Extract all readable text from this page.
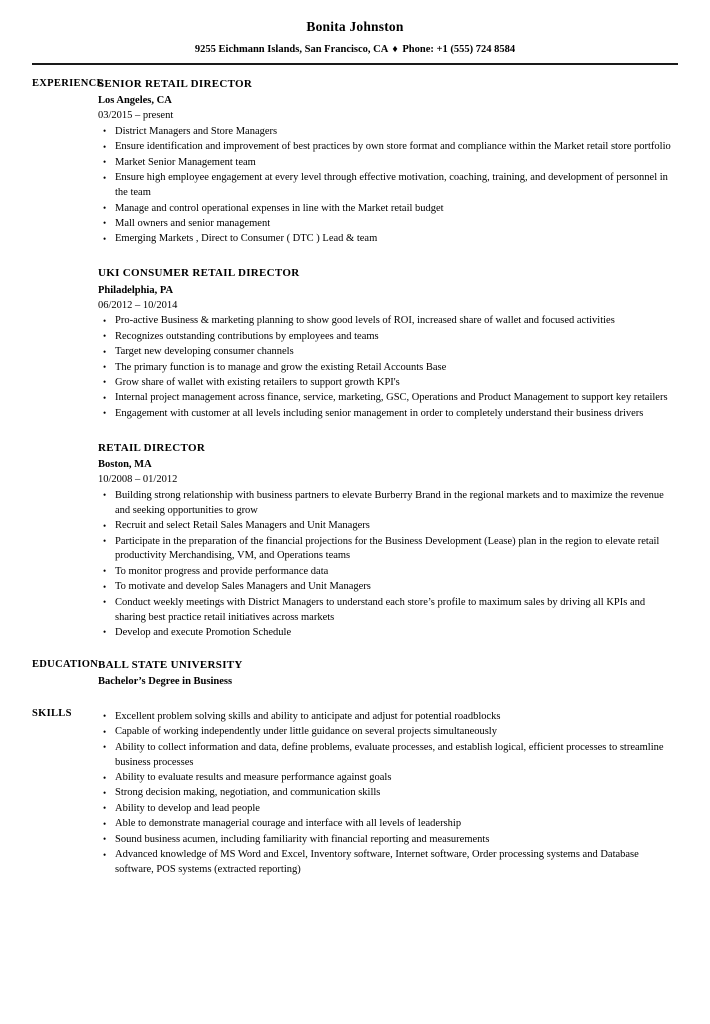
Bonita Johnston
9255 Eichmann Islands, San Francisco, CA ♦ Phone: +1 (555) 724 8584
EXPERIENCE
SENIOR RETAIL DIRECTOR
Los Angeles, CA
03/2015 – present
• District Managers and Store Managers
• Ensure identification and improvement of best practices by own store format and compliance within the Market retail store portfolio
• Market Senior Management team
• Ensure high employee engagement at every level through effective motivation, coaching, training, and development of personnel in the team
• Manage and control operational expenses in line with the Market retail budget
• Mall owners and senior management
• Emerging Markets , Direct to Consumer ( DTC ) Lead & team
UKI CONSUMER RETAIL DIRECTOR
Philadelphia, PA
06/2012 – 10/2014
• Pro-active Business & marketing planning to show good levels of ROI, increased share of wallet and focused activities
• Recognizes outstanding contributions by employees and teams
• Target new developing consumer channels
• The primary function is to manage and grow the existing Retail Accounts Base
• Grow share of wallet with existing retailers to support growth KPI's
• Internal project management across finance, service, marketing, GSC, Operations and Product Management to support key retailers
• Engagement with customer at all levels including senior management in order to completely understand their business drivers
RETAIL DIRECTOR
Boston, MA
10/2008 – 01/2012
• Building strong relationship with business partners to elevate Burberry Brand in the regional markets and to maximize the revenue and seeking opportunities to grow
• Recruit and select Retail Sales Managers and Unit Managers
• Participate in the preparation of the financial projections for the Business Development (Lease) plan in the region to elevate retail productivity Merchandising, VM, and Operations teams
• To monitor progress and provide performance data
• To motivate and develop Sales Managers and Unit Managers
• Conduct weekly meetings with District Managers to understand each store’s profile to maximum sales by driving all KPIs and sharing best practice retail initiatives across markets
• Develop and execute Promotion Schedule
EDUCATION BALL STATE UNIVERSITY
Bachelor’s Degree in Business
SKILLS	• Excellent problem solving skills and ability to anticipate and adjust for potential roadblocks
• Capable of working independently under little guidance on several projects simultaneously
• Ability to collect information and data, define problems, evaluate processes, and establish logical, efficient processes to streamline business processes
• Ability to evaluate results and measure performance against goals
• Strong decision making, negotiation, and communication skills
• Ability to develop and lead people
• Able to demonstrate managerial courage and interface with all levels of leadership
• Sound business acumen, including familiarity with financial reporting and measurements
• Advanced knowledge of MS Word and Excel, Inventory software, Internet software, Order processing systems and Database software, POS systems (extracted reporting)
